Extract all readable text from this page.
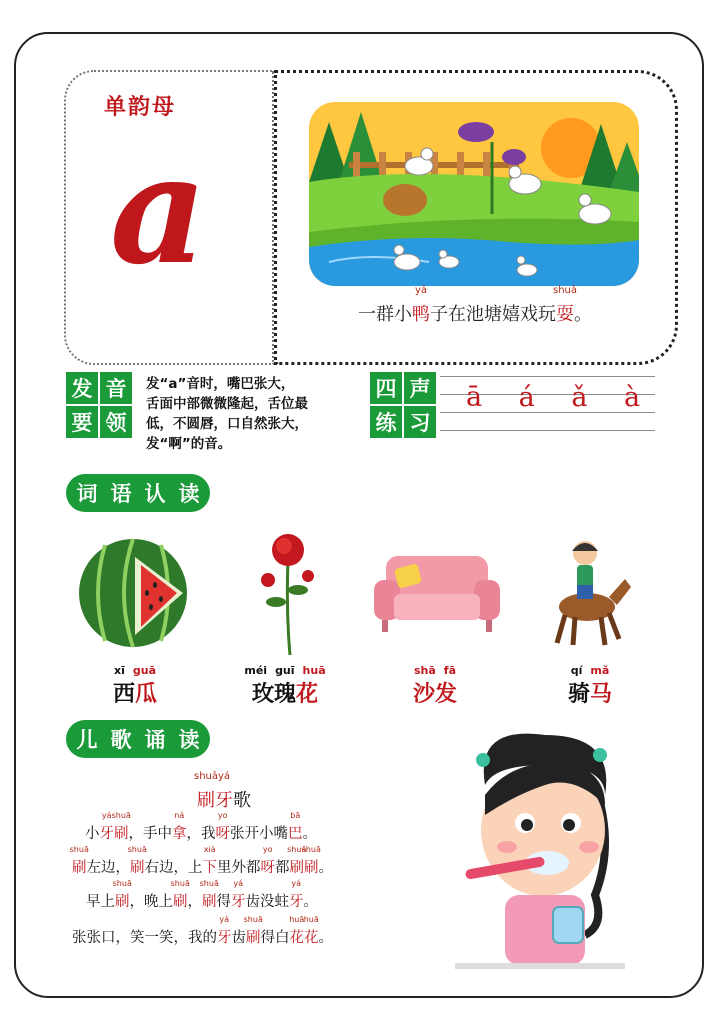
单韵母
a
一群小鸭
yā
子在池塘嬉戏玩耍
shuǎ
。
发 音
要 领
发“a”音时，嘴巴张大，
舌面中部微微隆起，舌位最
低，不圆唇，口自然张大，
发“啊”的音。
四 声
练 习
ā á ǎ à
词 语 认 读
xī guā
西瓜
méi guī huā
玫瑰花
shā fā
沙发
qí mǎ
骑马
儿 歌 诵 读
刷
shuā
牙
yá
歌
小牙
yá
刷
shuā
，手中拿
ná
，我呀
yo
张开小嘴巴
bā
。
刷
shuā
左边，刷
shuā
右边，上下
xià
里外都呀
yo
都刷
shuā
刷
shuā
。
早上刷
shuā
，晚上刷
shuā
，刷
shuā
得牙
yá
齿没蛀牙
yá
。
张张口，笑一笑，我的牙
yá
齿刷
shuā
得白花
huā
花
huā
。
